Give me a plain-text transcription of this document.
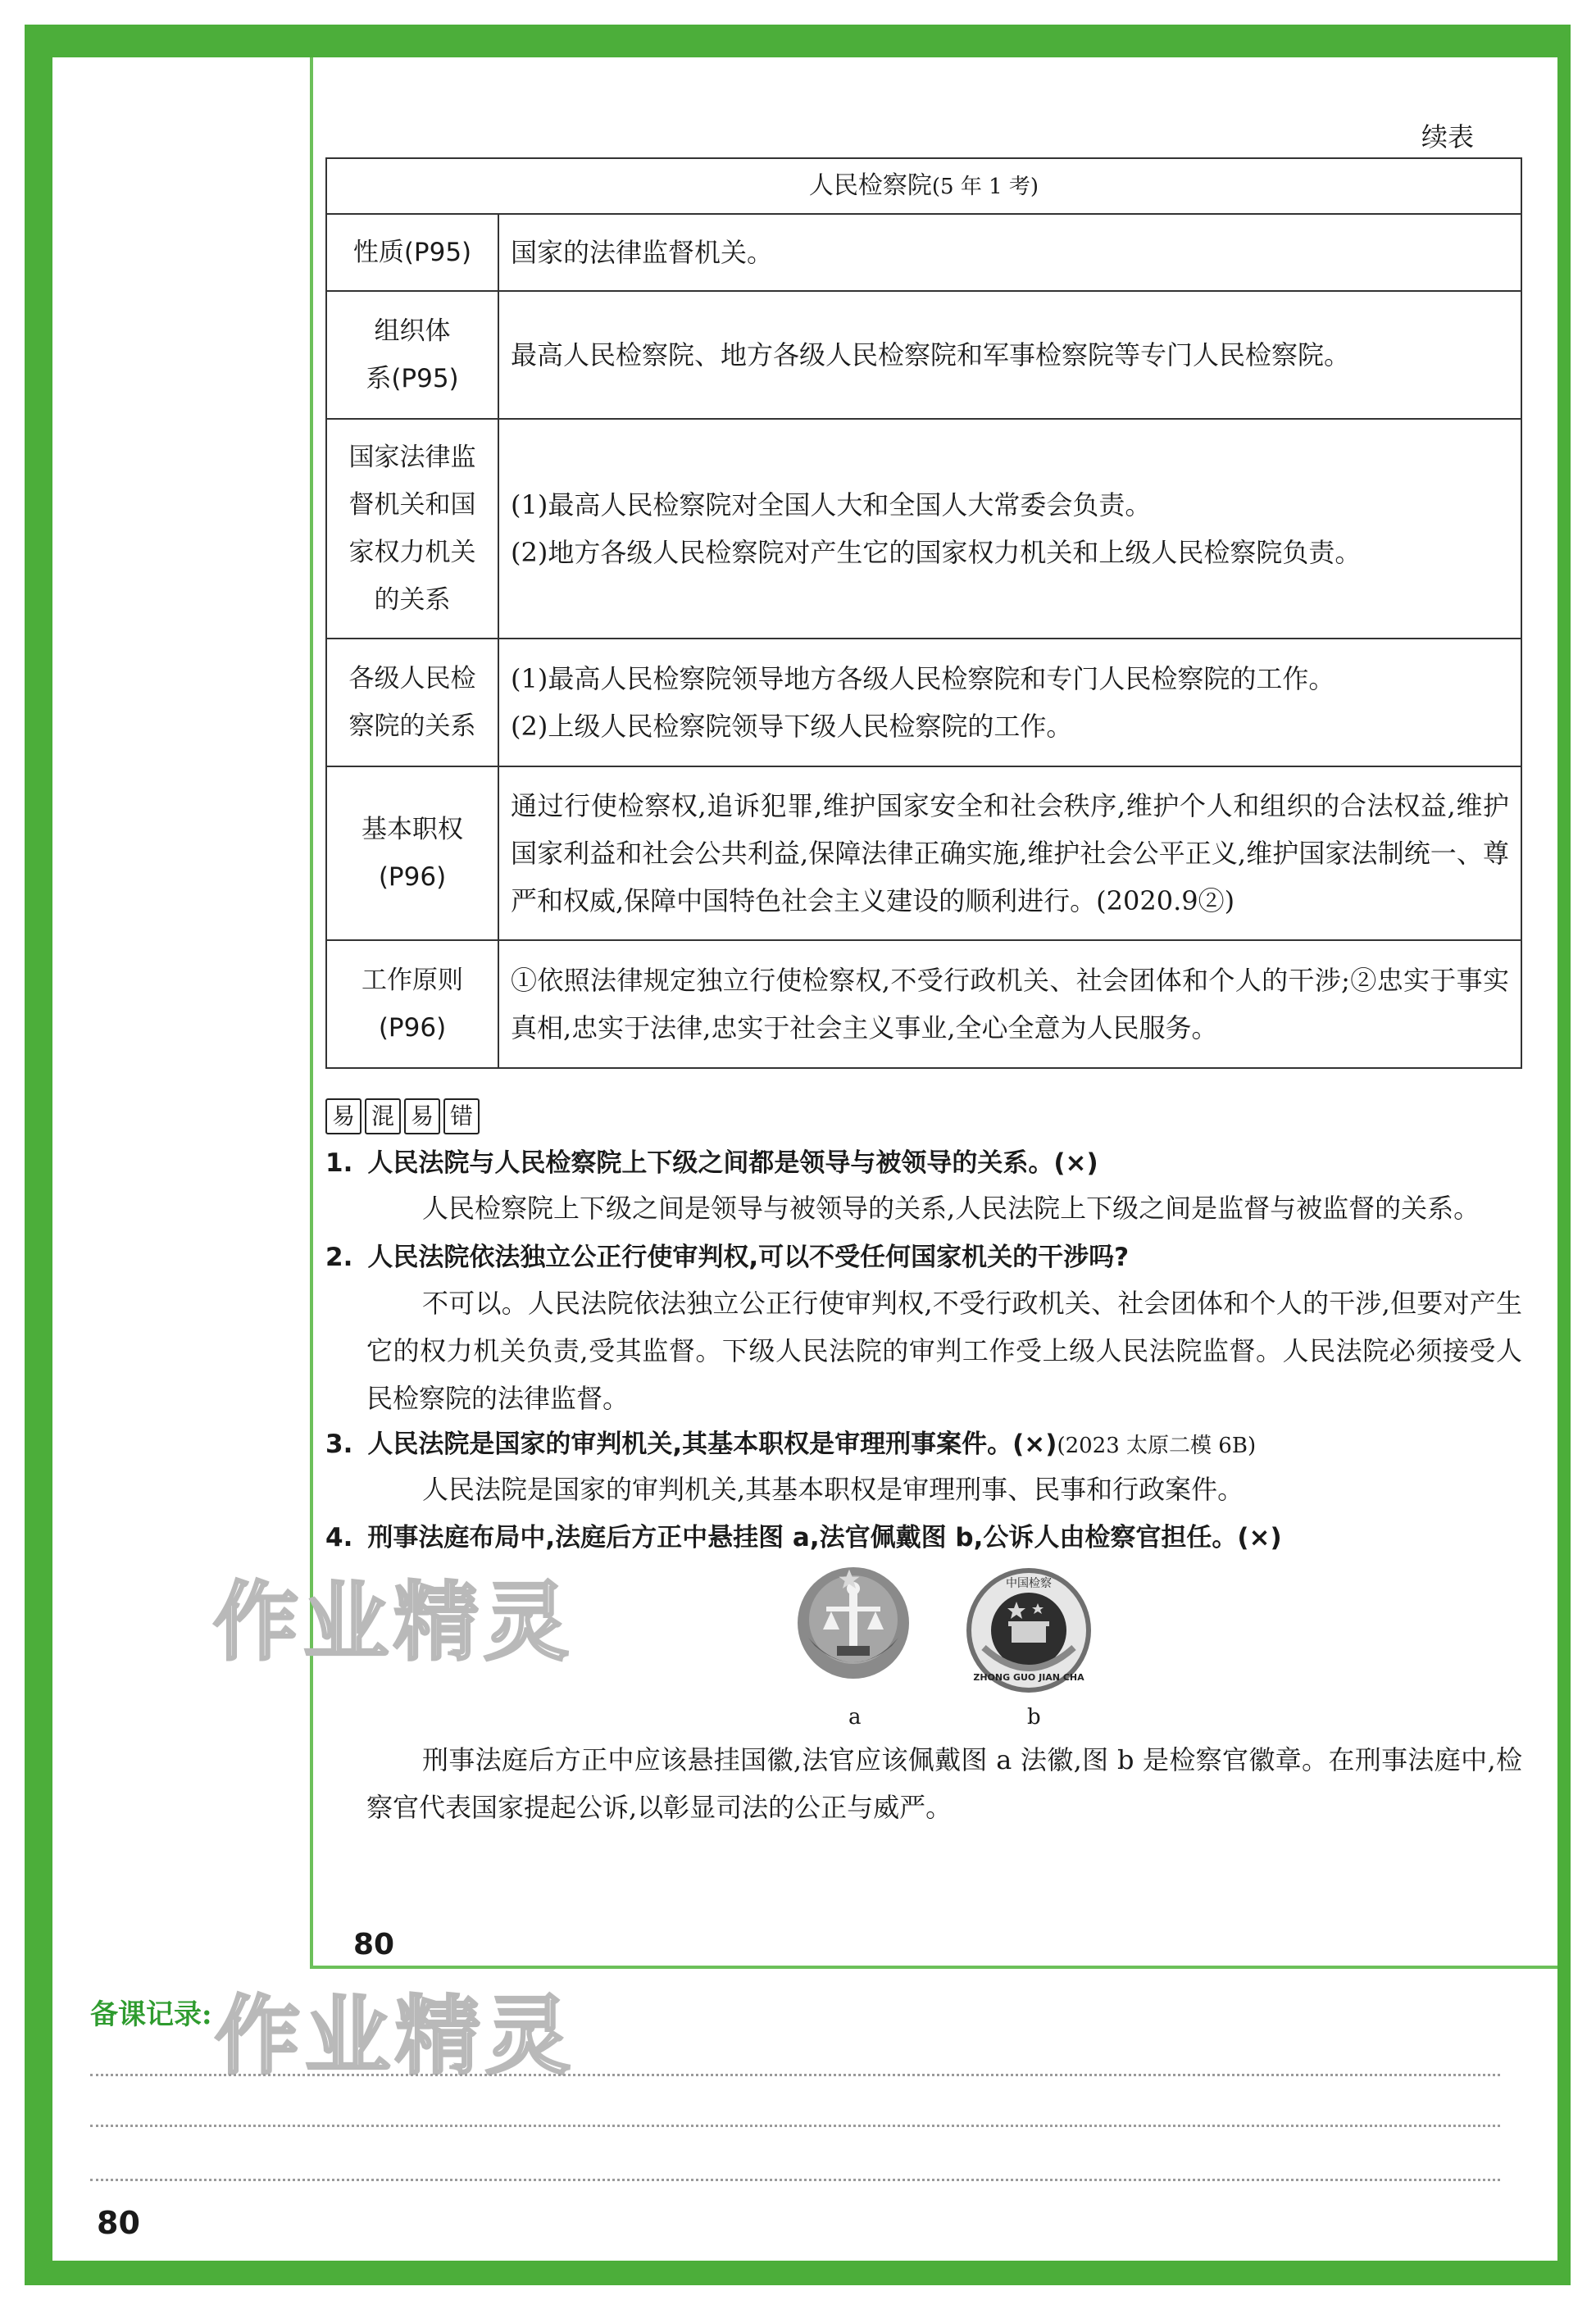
续表
人民检察院(5 年 1 考)	
性质(P95)	国家的法律监督机关。

组织体系(P95)	最高人民检察院、地方各级人民检察院和军事检察院等专门人民检察院。

国家法律监督机关和国家权力机关的关系	(1)最高人民检察院对全国人大和全国人大常委会负责。
(2)地方各级人民检察院对产生它的国家权力机关和上级人民检察院负责。

各级人民检察院的关系	(1)最高人民检察院领导地方各级人民检察院和专门人民检察院的工作。
(2)上级人民检察院领导下级人民检察院的工作。

基本职权(P96)	通过行使检察权,追诉犯罪,维护国家安全和社会秩序,维护个人和组织的合法权益,维护国家利益和社会公共利益,保障法律正确实施,维护社会公平正义,维护国家法制统一、尊严和权威,保障中国特色社会主义建设的顺利进行。(2020.9②)

工作原则(P96)	①依照法律规定独立行使检察权,不受行政机关、社会团体和个人的干涉;②忠实于事实真相,忠实于法律,忠实于社会主义事业,全心全意为人民服务。
易 混 易 错
1. 人民法院与人民检察院上下级之间都是领导与被领导的关系。(×)
人民检察院上下级之间是领导与被领导的关系,人民法院上下级之间是监督与被监督的关系。
2. 人民法院依法独立公正行使审判权,可以不受任何国家机关的干涉吗?
不可以。人民法院依法独立公正行使审判权,不受行政机关、社会团体和个人的干涉,但要对产生它的权力机关负责,受其监督。下级人民法院的审判工作受上级人民法院监督。人民法院必须接受人民检察院的法律监督。
3. 人民法院是国家的审判机关,其基本职权是审理刑事案件。(×)(2023 太原二模 6B)
人民法院是国家的审判机关,其基本职权是审理刑事、民事和行政案件。
4. 刑事法庭布局中,法庭后方正中悬挂图 a,法官佩戴图 b,公诉人由检察官担任。(×)
a
中国检察
ZHONG GUO JIAN CHA
b
刑事法庭后方正中应该悬挂国徽,法官应该佩戴图 a 法徽,图 b 是检察官徽章。在刑事法庭中,检察官代表国家提起公诉,以彰显司法的公正与威严。
作业精灵
80
备课记录: 作业精灵
80
